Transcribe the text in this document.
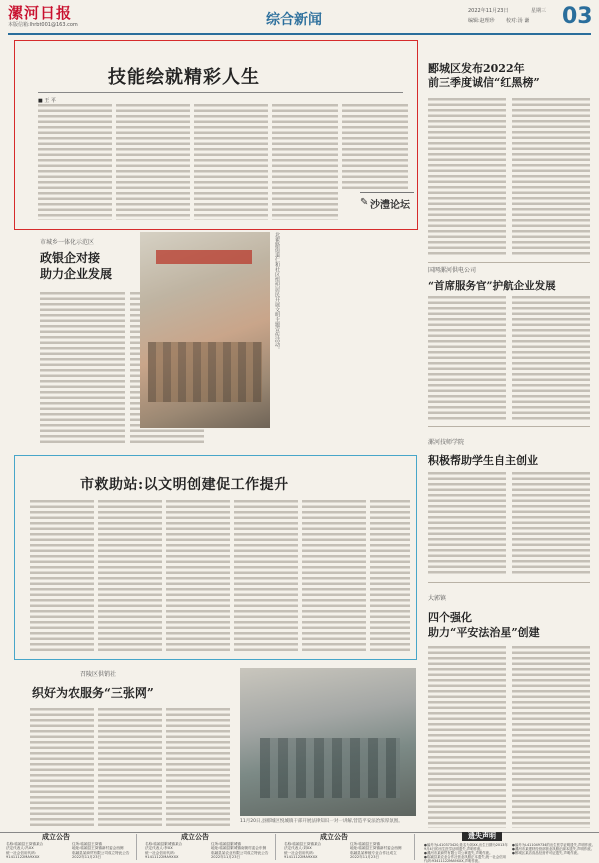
漯河日报
本版信箱:lhrbt001@163.com	综合新闻
2022年11月23日	星期三
编辑:赵理珍 校对:汤 谦 03
技能绘就精彩人生
■ 王 平
✎ 沙澧论坛
郾城区发布2022年
前三季度诚信“红黑榜”
市城乡一体化示范区
政银企对接
助力企业发展	北翟路街道仁和社区组织居民开展文明主题宣传活动。	国网漯河供电公司
“首席服务官”护航企业发展
市救助站:以文明创建促工作提升
漯河技师学院
积极帮助学生自主创业
召陵区供销社
织好为农服务“三张网”
11月20日,县郾城区悦城镇干部开展法律知识一对一讲解,营造平安法治浓厚氛围。
大郭镇
四个强化
助力“平安法治星”创建
成立公告
名称:临颍县王岗镇某合
法定代表人:冯XX
统一社会信用代码:
91411122MA9XXX
住所:临颍县王岗镇
地址:临颍县王岗镇新村委会西侧
临颍县某商贸有限公司成立特此公告
2022年11月23日
成立公告
名称:临颍县繁城镇某合
法定代表人:李XX
统一社会信用代码:
91411122MA9XXX
住所:临颍县繁城镇
地址:临颍县繁城镇南街村委会东侧
临颍县某农业有限公司成立特此公告
2022年11月23日
成立公告
名称:临颍县王岗镇某合
法定代表人:刘XX
统一社会信用代码:
91411122MA9XXX
住所:临颍县王岗镇
地址:临颍县王岗镇新村委会西侧
临颍县某种植专业合作社成立
2022年11月23日
遗失声明
●编号为L410373420,姓名为刘XX,出生日期为2013年9月4日的出生医学证明遗失,声明作废。
●漯河市某商贸有限公司公章遗失,声明作废。
●临颍县某农业合作社营业执照正本遗失,统一社会信用代码:93411122MA9XXX,声明作废。
●编号为L411049734的出生医学证明遗失,声明作废。
●漯河市某建材经营部营业执照正副本遗失,声明作废。
●郾城区某店食品经营许可证遗失,声明作废。
